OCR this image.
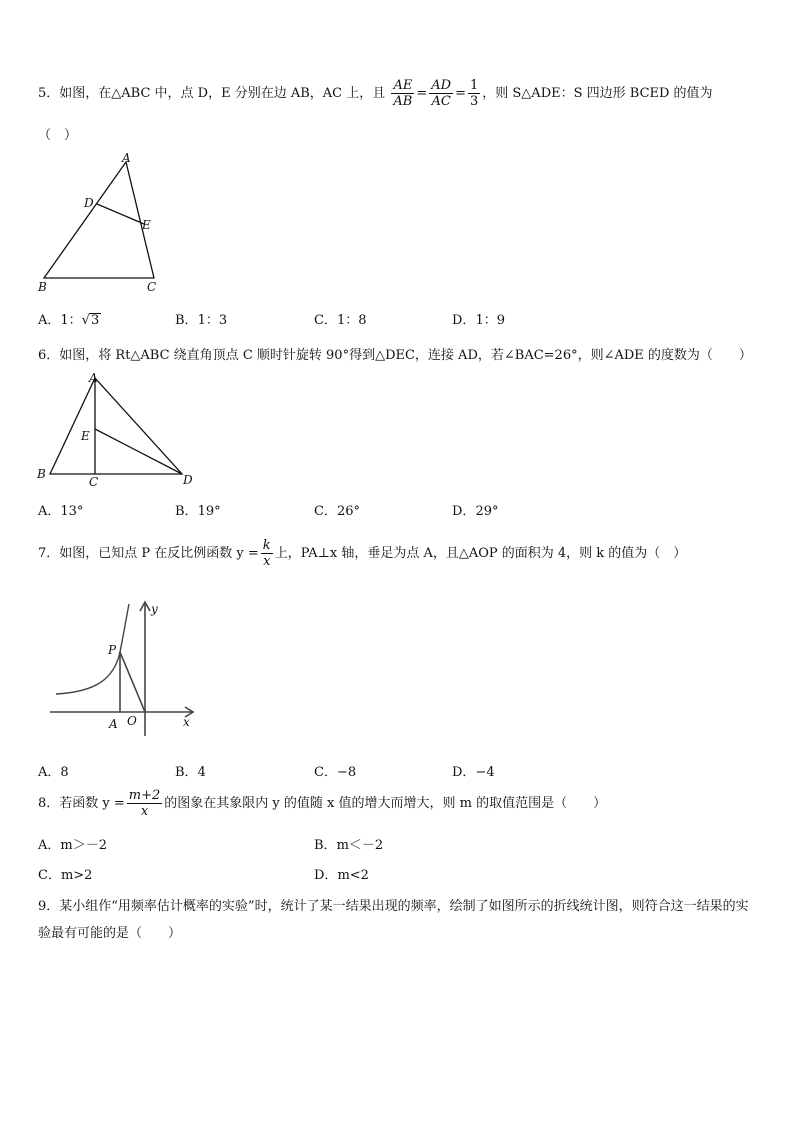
5．如图，在△ABC 中，点 D，E 分别在边 AB，AC 上，且 $\frac{AE}{AB} = \frac{AD}{AC} = \frac{1}{3}$ ，则 S△ADE：S 四边形 BCED 的值为
（　）
A
D
E
B	C
A．1：√3	B．1：3	C．1：8	D．1：9
6．如图，将 Rt△ABC 绕直角顶点 C 顺时针旋转 90°得到△DEC，连接 AD，若∠BAC=26°，则∠ADE 的度数为（　　）
A
E
B
C	D
A．13°	B．19°	C．26°	D．29°
7．如图，已知点 P 在反比例函数 $y = \frac{k}{x}$ 上，PA⊥x 轴，垂足为点 A，且△AOP 的面积为 4，则 k 的值为（　）
y
P
A O	x
A．8	B．4	C．−8	D．−4
8．若函数 $y = \frac{m+2}{x}$ 的图象在其象限内 y 的值随 x 值的增大而增大，则 m 的取值范围是（　　）
A．m＞－2	B．m＜－2
C．m>2	D．m<2
9．某小组作“用频率估计概率的实验”时，统计了某一结果出现的频率，绘制了如图所示的折线统计图，则符合这一结果的实验最有可能的是（　　）
